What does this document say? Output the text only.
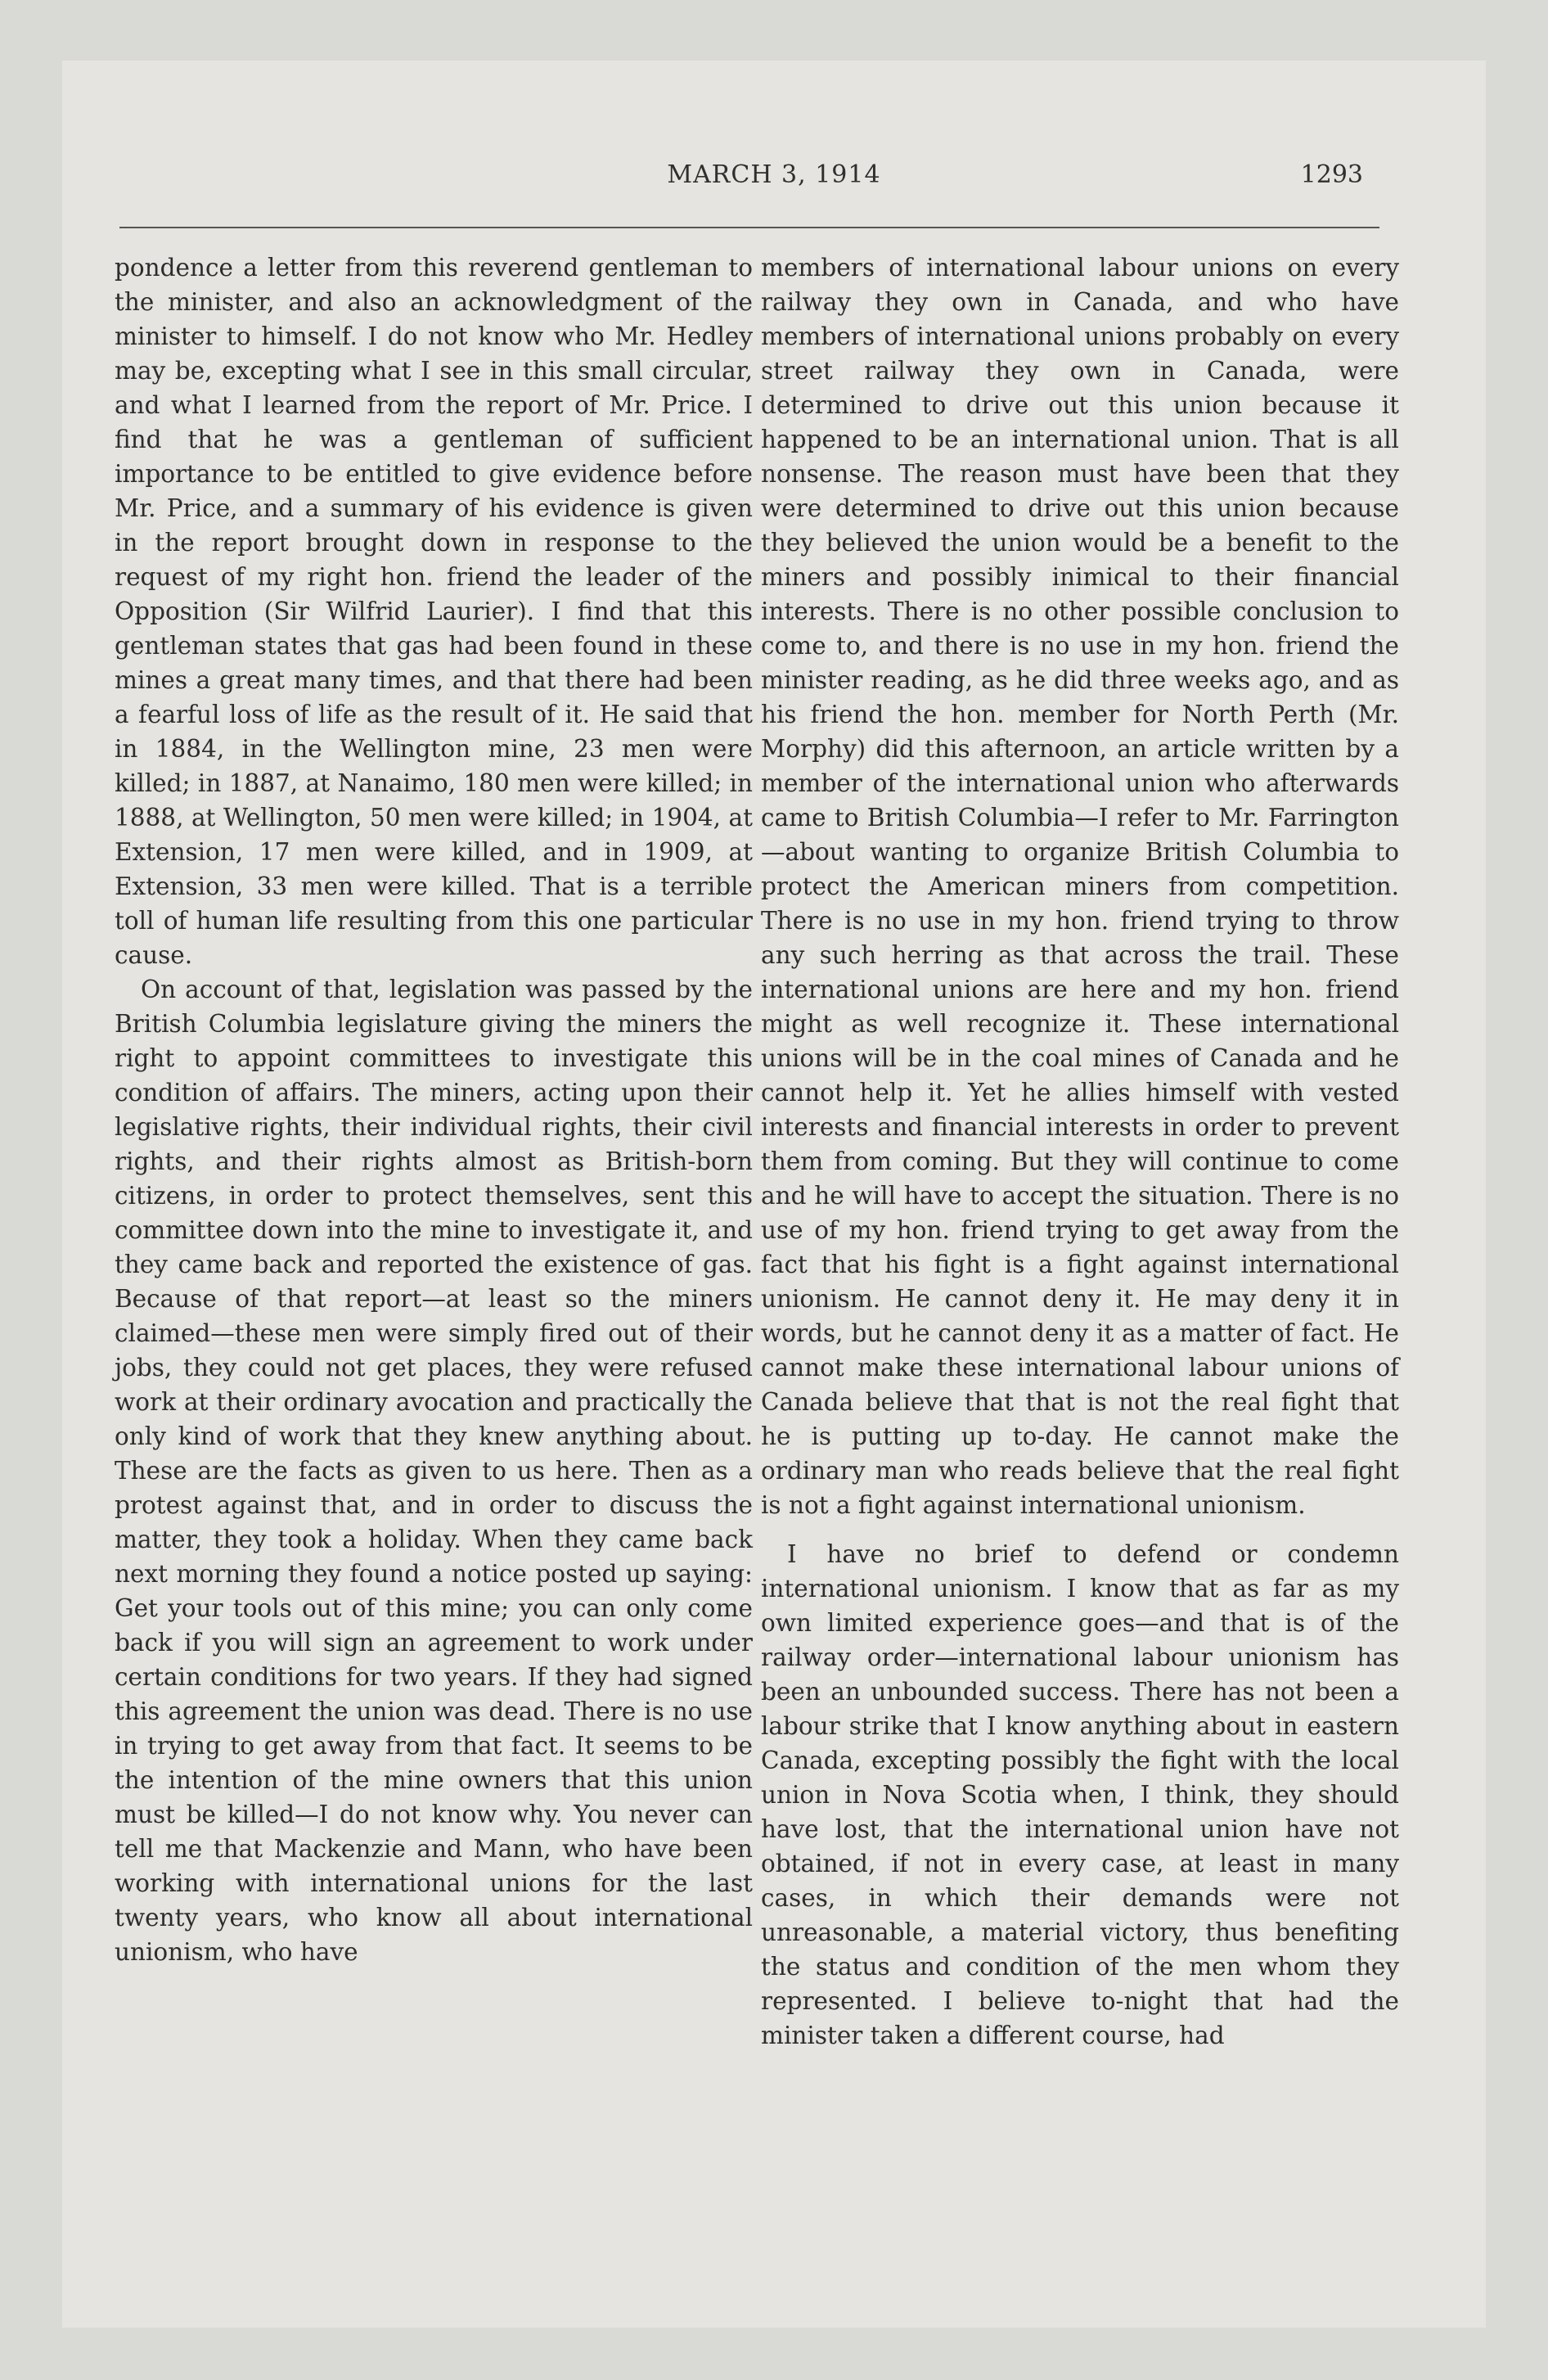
MARCH 3, 1914	1293

pondence a letter from this reverend gentleman to the minister, and also an acknowledgment of the minister to himself. I do not know who Mr. Hedley may be, excepting what I see in this small circular, and what I learned from the report of Mr. Price. I find that he was a gentleman of sufficient importance to be entitled to give evidence before Mr. Price, and a summary of his evidence is given in the report brought down in response to the request of my right hon. friend the leader of the Opposition (Sir Wilfrid Laurier). I find that this gentleman states that gas had been found in these mines a great many times, and that there had been a fearful loss of life as the result of it. He said that in 1884, in the Wellington mine, 23 men were killed; in 1887, at Nanaimo, 180 men were killed; in 1888, at Wellington, 50 men were killed; in 1904, at Extension, 17 men were killed, and in 1909, at Extension, 33 men were killed. That is a terrible toll of human life resulting from this one particular cause.

On account of that, legislation was passed by the British Columbia legislature giving the miners the right to appoint committees to investigate this condition of affairs. The miners, acting upon their legislative rights, their individual rights, their civil rights, and their rights almost as British-born citizens, in order to protect themselves, sent this committee down into the mine to investigate it, and they came back and reported the existence of gas. Because of that report—at least so the miners claimed—these men were simply fired out of their jobs, they could not get places, they were refused work at their ordinary avocation and practically the only kind of work that they knew anything about. These are the facts as given to us here. Then as a protest against that, and in order to discuss the matter, they took a holiday. When they came back next morning they found a notice posted up saying: Get your tools out of this mine; you can only come back if you will sign an agreement to work under certain conditions for two years. If they had signed this agreement the union was dead. There is no use in trying to get away from that fact. It seems to be the intention of the mine owners that this union must be killed—I do not know why. You never can tell me that Mackenzie and Mann, who have been working with international unions for the last twenty years, who know all about international unionism, who have

members of international labour unions on every railway they own in Canada, and who have members of international unions probably on every street railway they own in Canada, were determined to drive out this union because it happened to be an international union. That is all nonsense. The reason must have been that they were determined to drive out this union because they believed the union would be a benefit to the miners and possibly inimical to their financial interests. There is no other possible conclusion to come to, and there is no use in my hon. friend the minister reading, as he did three weeks ago, and as his friend the hon. member for North Perth (Mr. Morphy) did this afternoon, an article written by a member of the international union who afterwards came to British Columbia—I refer to Mr. Farrington—about wanting to organize British Columbia to protect the American miners from competition. There is no use in my hon. friend trying to throw any such herring as that across the trail. These international unions are here and my hon. friend might as well recognize it. These international unions will be in the coal mines of Canada and he cannot help it. Yet he allies himself with vested interests and financial interests in order to prevent them from coming. But they will continue to come and he will have to accept the situation. There is no use of my hon. friend trying to get away from the fact that his fight is a fight against international unionism. He cannot deny it. He may deny it in words, but he cannot deny it as a matter of fact. He cannot make these international labour unions of Canada believe that that is not the real fight that he is putting up to-day. He cannot make the ordinary man who reads believe that the real fight is not a fight against international unionism.

I have no brief to defend or condemn international unionism. I know that as far as my own limited experience goes—and that is of the railway order—international labour unionism has been an unbounded success. There has not been a labour strike that I know anything about in eastern Canada, excepting possibly the fight with the local union in Nova Scotia when, I think, they should have lost, that the international union have not obtained, if not in every case, at least in many cases, in which their demands were not unreasonable, a material victory, thus benefiting the status and condition of the men whom they represented. I believe to-night that had the minister taken a different course, had
